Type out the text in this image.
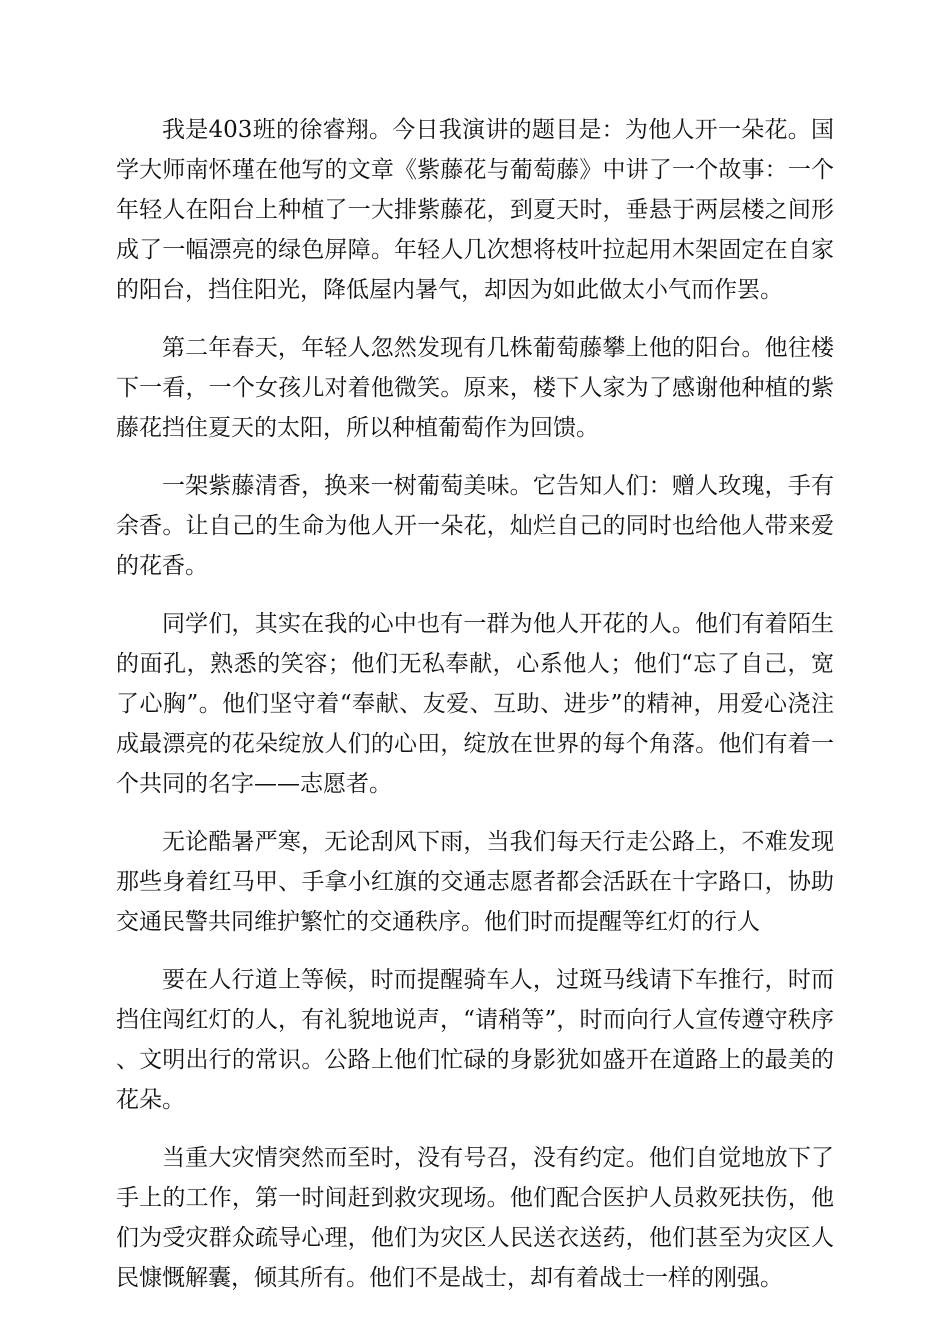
我是403班的徐睿翔。今日我演讲的题目是：为他人开一朵花。国学大师南怀瑾在他写的文章《紫藤花与葡萄藤》中讲了一个故事：一个年轻人在阳台上种植了一大排紫藤花，到夏天时，垂悬于两层楼之间形成了一幅漂亮的绿色屏障。年轻人几次想将枝叶拉起用木架固定在自家的阳台，挡住阳光，降低屋内暑气，却因为如此做太小气而作罢。

第二年春天，年轻人忽然发现有几株葡萄藤攀上他的阳台。他往楼下一看，一个女孩儿对着他微笑。原来，楼下人家为了感谢他种植的紫藤花挡住夏天的太阳，所以种植葡萄作为回馈。

一架紫藤清香，换来一树葡萄美味。它告知人们：赠人玫瑰，手有余香。让自己的生命为他人开一朵花，灿烂自己的同时也给他人带来爱的花香。

同学们，其实在我的心中也有一群为他人开花的人。他们有着陌生的面孔，熟悉的笑容；他们无私奉献，心系他人；他们“忘了自己，宽了心胸”。他们坚守着“奉献、友爱、互助、进步”的精神，用爱心浇注成最漂亮的花朵绽放人们的心田，绽放在世界的每个角落。他们有着一个共同的名字——志愿者。

无论酷暑严寒，无论刮风下雨，当我们每天行走公路上，不难发现那些身着红马甲、手拿小红旗的交通志愿者都会活跃在十字路口，协助交通民警共同维护繁忙的交通秩序。他们时而提醒等红灯的行人

要在人行道上等候，时而提醒骑车人，过斑马线请下车推行，时而挡住闯红灯的人，有礼貌地说声，“请稍等”，时而向行人宣传遵守秩序、文明出行的常识。公路上他们忙碌的身影犹如盛开在道路上的最美的花朵。

当重大灾情突然而至时，没有号召，没有约定。他们自觉地放下了手上的工作，第一时间赶到救灾现场。他们配合医护人员救死扶伤，他们为受灾群众疏导心理，他们为灾区人民送衣送药，他们甚至为灾区人民慷慨解囊，倾其所有。他们不是战士，却有着战士一样的刚强。
